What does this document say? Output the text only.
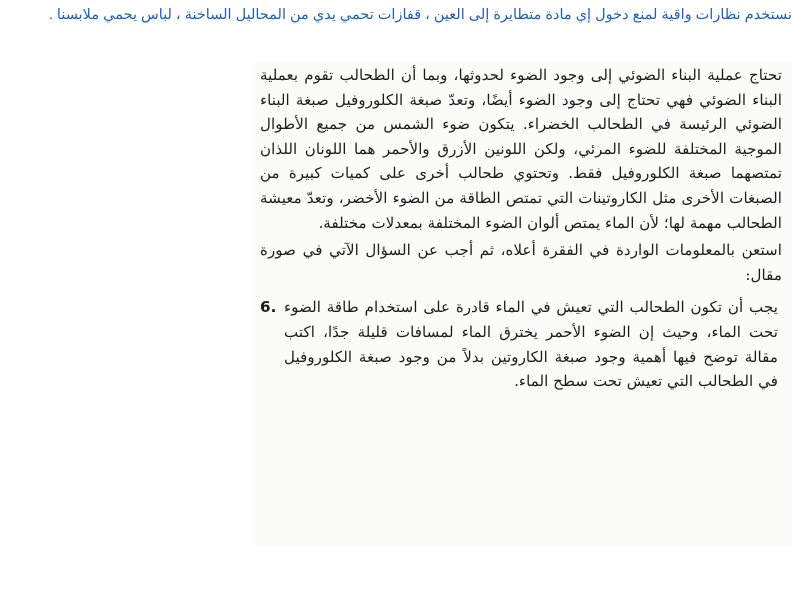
نستخدم نظارات واقية لمنع دخول إي مادة متطايرة إلى العين ، قفازات تحمي يدي من المحاليل الساخنة ، لباس يحمي ملابسنا .

تحتاج عملية البناء الضوئي إلى وجود الضوء لحدوثها، وبما أن الطحالب تقوم بعملية البناء الضوئي فهي تحتاج إلى وجود الضوء أيضًا، وتعدّ صبغة الكلوروفيل صبغة البناء الضوئي الرئيسة في الطحالب الخضراء. يتكون ضوء الشمس من جميع الأطوال الموجية المختلفة للضوء المرئي، ولكن اللونين الأزرق والأحمر هما اللونان اللذان تمتصهما صبغة الكلوروفيل فقط. وتحتوي طحالب أخرى على كميات كبيرة من الصبغات الأخرى مثل الكاروتينات التي تمتص الطاقة من الضوء الأخضر، وتعدّ معيشة الطحالب مهمة لها؛ لأن الماء يمتص ألوان الضوء المختلفة بمعدلات مختلفة.

استعن بالمعلومات الواردة في الفقرة أعلاه، ثم أجب عن السؤال الآتي في صورة مقال:

يجب أن تكون الطحالب التي تعيش في الماء قادرة على استخدام طاقة الضوء تحت الماء، وحيث إن الضوء الأحمر يخترق الماء لمسافات قليلة جدًا، اكتب مقالة توضح فيها أهمية وجود صبغة الكاروتين بدلاً من وجود صبغة الكلوروفيل في الطحالب التي تعيش تحت سطح الماء.

6.
